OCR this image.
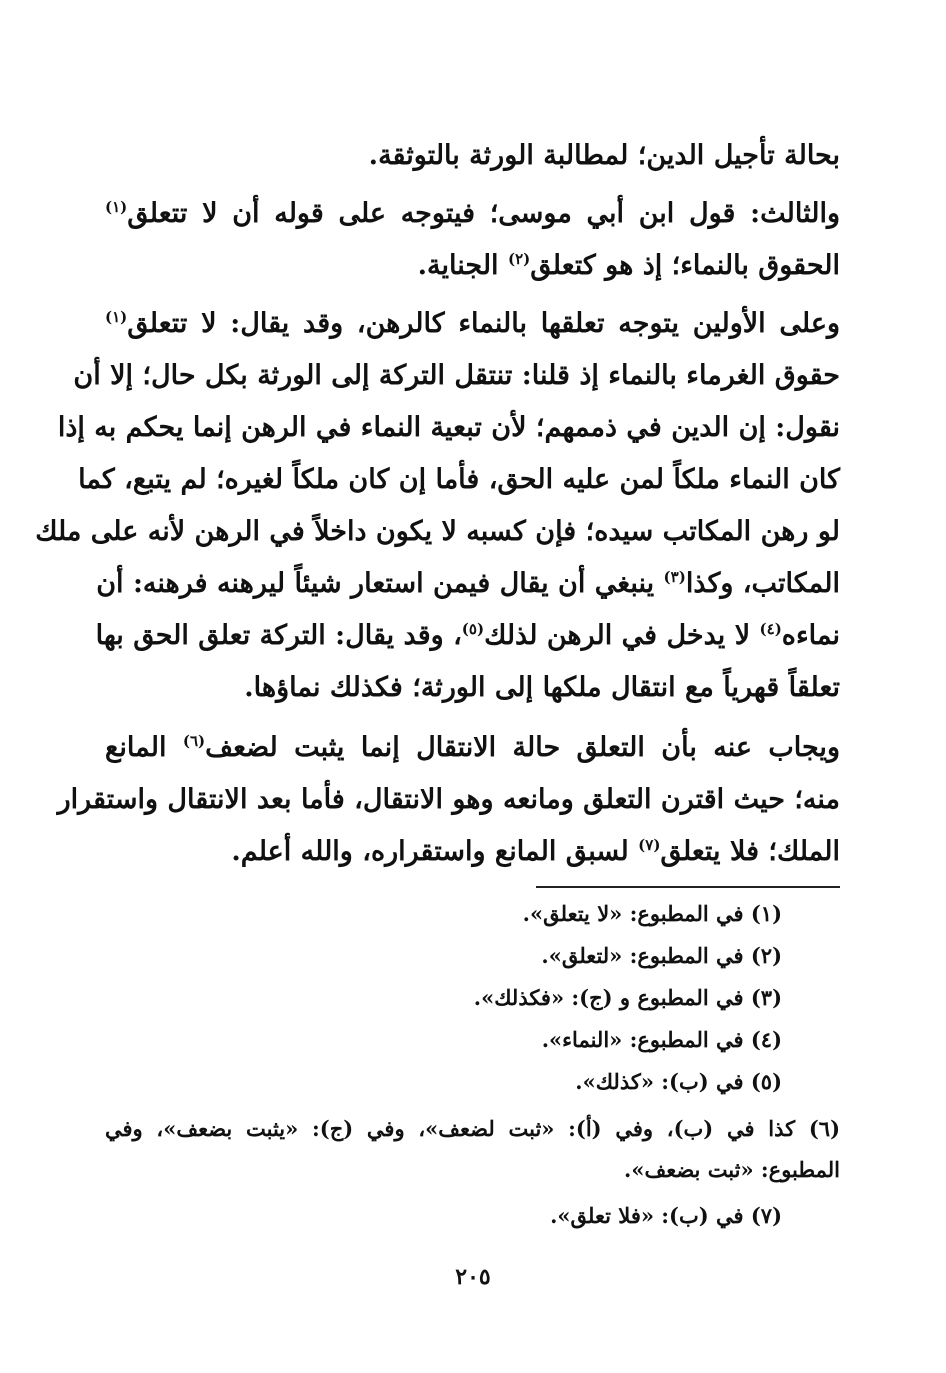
بحالة تأجيل الدين؛ لمطالبة الورثة بالتوثقة.
والثالث: قول ابن أبي موسى؛ فيتوجه على قوله أن لا تتعلق$^{(١)}$
الحقوق بالنماء؛ إذ هو كتعلق$^{(٢)}$ الجناية.
وعلى الأولين يتوجه تعلقها بالنماء كالرهن، وقد يقال: لا تتعلق$^{(١)}$
حقوق الغرماء بالنماء إذ قلنا: تنتقل التركة إلى الورثة بكل حال؛ إلا أن
نقول: إن الدين في ذممهم؛ لأن تبعية النماء في الرهن إنما يحكم به إذا
كان النماء ملكاً لمن عليه الحق، فأما إن كان ملكاً لغيره؛ لم يتبع، كما
لو رهن المكاتب سيده؛ فإن كسبه لا يكون داخلاً في الرهن لأنه على ملك
المكاتب، وكذا$^{(٣)}$ ينبغي أن يقال فيمن استعار شيئاً ليرهنه فرهنه: أن
نماءه$^{(٤)}$ لا يدخل في الرهن لذلك$^{(٥)}$، وقد يقال: التركة تعلق الحق بها
تعلقاً قهرياً مع انتقال ملكها إلى الورثة؛ فكذلك نماؤها.
ويجاب عنه بأن التعلق حالة الانتقال إنما يثبت لضعف$^{(٦)}$ المانع
منه؛ حيث اقترن التعلق ومانعه وهو الانتقال، فأما بعد الانتقال واستقرار
الملك؛ فلا يتعلق$^{(٧)}$ لسبق المانع واستقراره، والله أعلم.
(١) في المطبوع: «لا يتعلق».
(٢) في المطبوع: «لتعلق».
(٣) في المطبوع و (ج): «فكذلك».
(٤) في المطبوع: «النماء».
(٥) في (ب): «كذلك».
(٦) كذا في (ب)، وفي (أ): «ثبت لضعف»، وفي (ج): «يثبت بضعف»، وفي
المطبوع: «ثبت بضعف».
(٧) في (ب): «فلا تعلق».
٢٠٥
